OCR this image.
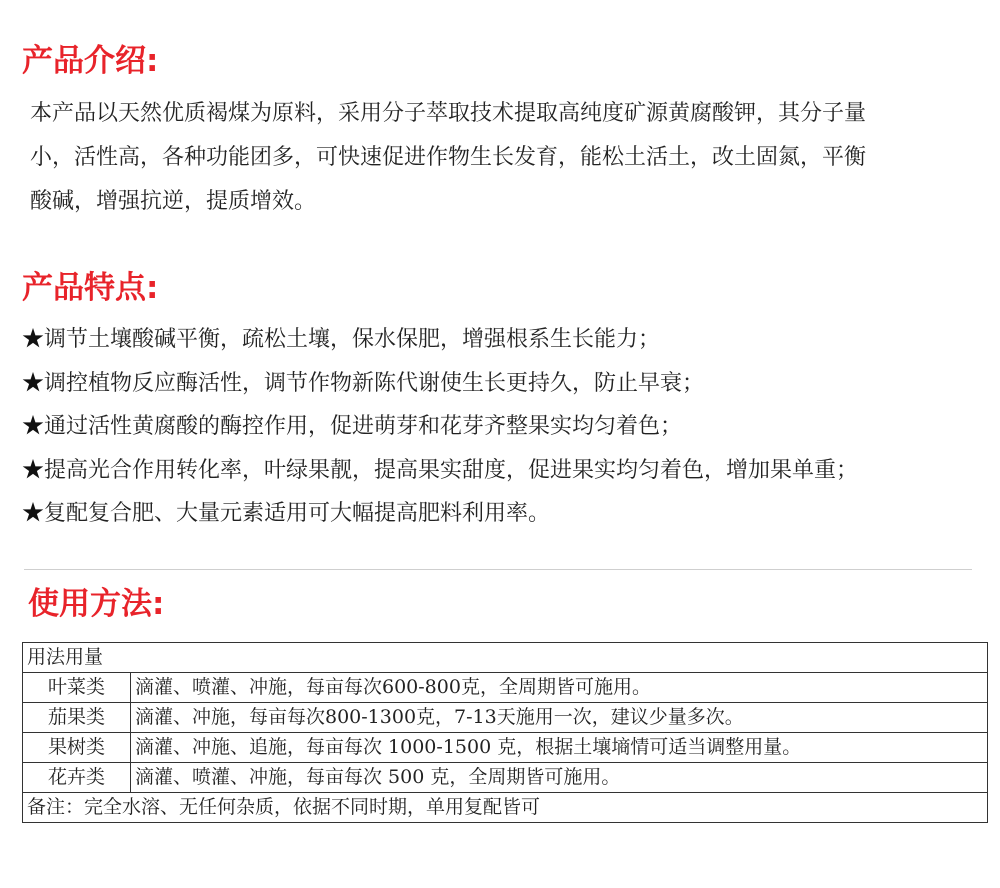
产品介绍:
本产品以天然优质褐煤为原料，采用分子萃取技术提取高纯度矿源黄腐酸钾，其分子量
小，活性高，各种功能团多，可快速促进作物生长发育，能松土活土，改土固氮，平衡
酸碱，增强抗逆，提质增效。
产品特点:
★调节土壤酸碱平衡，疏松土壤，保水保肥，增强根系生长能力；
★调控植物反应酶活性，调节作物新陈代谢使生长更持久，防止早衰；
★通过活性黄腐酸的酶控作用，促进萌芽和花芽齐整果实均匀着色；
★提高光合作用转化率，叶绿果靓，提高果实甜度，促进果实均匀着色，增加果单重；
★复配复合肥、大量元素适用可大幅提高肥料利用率。
使用方法:
用法用量	
叶菜类	滴灌、喷灌、冲施，每亩每次600-800克，全周期皆可施用。
茄果类	滴灌、冲施，每亩每次800-1300克，7-13天施用一次，建议少量多次。
果树类	滴灌、冲施、追施，每亩每次 1000-1500 克，根据土壤墒情可适当调整用量。
花卉类	滴灌、喷灌、冲施，每亩每次 500 克，全周期皆可施用。
备注：完全水溶、无任何杂质，依据不同时期，单用复配皆可	
